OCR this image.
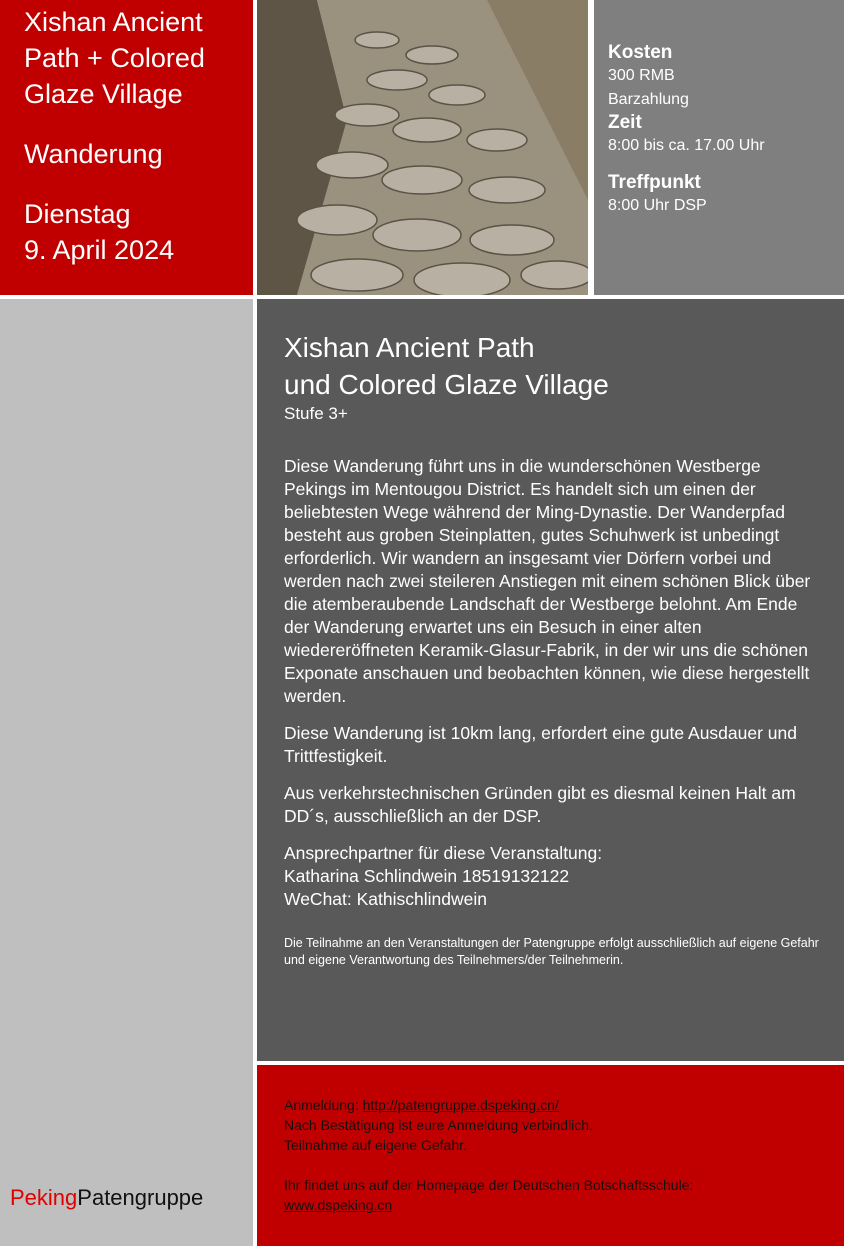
Xishan Ancient
Path + Colored
Glaze Village
Wanderung
Dienstag
9. April 2024
Kosten
300 RMB
Barzahlung
Zeit
8:00 bis ca. 17.00 Uhr
Treffpunkt
8:00 Uhr DSP
PekingPatengruppe
Xishan Ancient Path
und Colored Glaze Village
Stufe 3+
Diese Wanderung führt uns in die wunderschönen Westberge Pekings im Mentougou District. Es handelt sich um einen der beliebtesten Wege während der Ming-Dynastie. Der Wanderpfad besteht aus groben Steinplatten, gutes Schuhwerk ist unbedingt erforderlich. Wir wandern an insgesamt vier Dörfern vorbei und werden nach zwei steileren Anstiegen mit einem schönen Blick über die atemberaubende Landschaft der Westberge belohnt. Am Ende der Wanderung erwartet uns ein Besuch in einer alten wiedereröffneten Keramik-Glasur-Fabrik, in der wir uns die schönen Exponate anschauen und beobachten können, wie diese hergestellt werden.
Diese Wanderung ist 10km lang, erfordert eine gute Ausdauer und Trittfestigkeit.
Aus verkehrstechnischen Gründen gibt es diesmal keinen Halt am DD´s, ausschließlich an der DSP.
Ansprechpartner für diese Veranstaltung:
Katharina Schlindwein 18519132122
WeChat: Kathischlindwein
Die Teilnahme an den Veranstaltungen der Patengruppe erfolgt ausschließlich auf eigene Gefahr und eigene Verantwortung des Teilnehmers/der Teilnehmerin.
Anmeldung: http://patengruppe.dspeking.cn/
Nach Bestätigung ist eure Anmeldung verbindlich.
Teilnahme auf eigene Gefahr.
Ihr findet uns auf der Homepage der Deutschen Botschaftsschule:
www.dspeking.cn
